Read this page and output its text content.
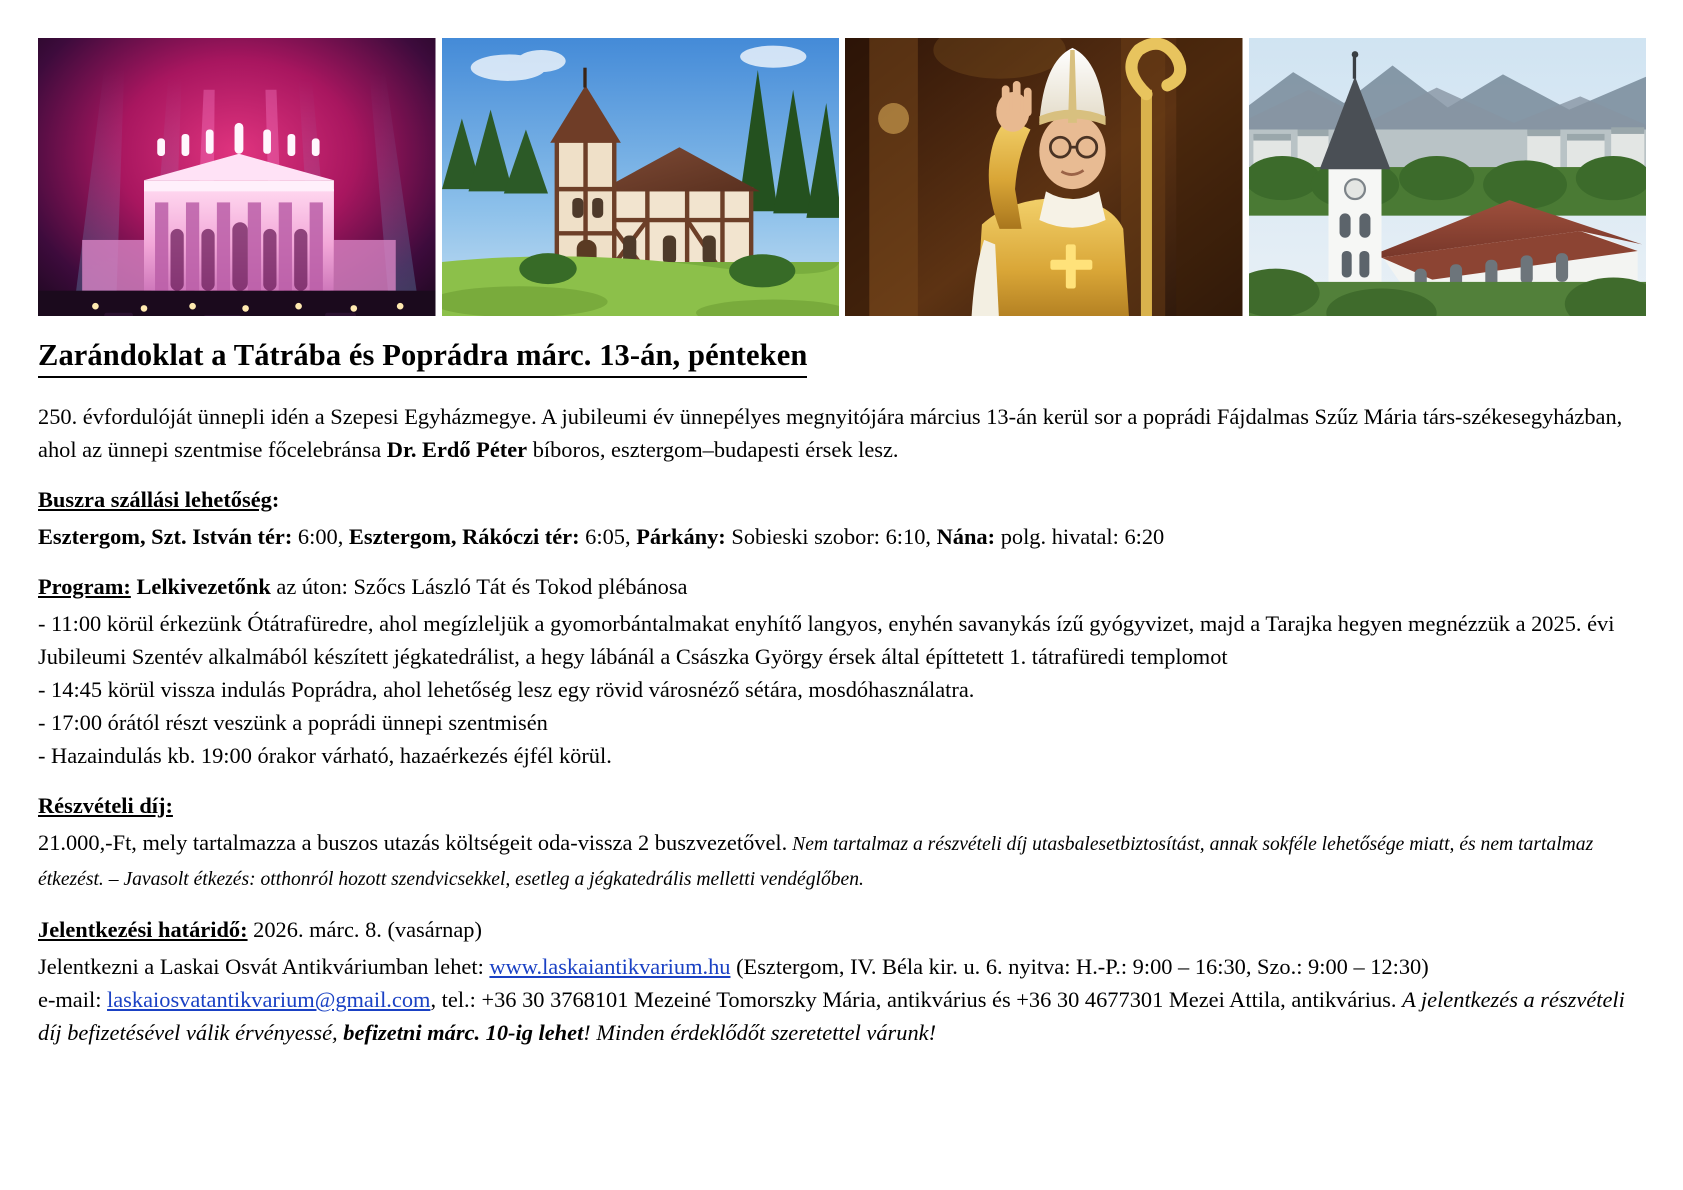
Zarándoklat a Tátrába és Poprádra márc. 13-án, pénteken

250. évfordulóját ünnepli idén a Szepesi Egyházmegye. A jubileumi év ünnepélyes megnyitójára március 13-án kerül sor a poprádi Fájdalmas Szűz Mária társ-székesegyházban, ahol az ünnepi szentmise főcelebránsa Dr. Erdő Péter bíboros, esztergom–budapesti érsek lesz.

Buszra szállási lehetőség:

Esztergom, Szt. István tér: 6:00, Esztergom, Rákóczi tér: 6:05, Párkány: Sobieski szobor: 6:10, Nána: polg. hivatal: 6:20

Program: Lelkivezetőnk az úton: Szőcs László Tát és Tokod plébánosa

- 11:00 körül érkezünk Ótátrafüredre, ahol megízleljük a gyomorbántalmakat enyhítő langyos, enyhén savanykás ízű gyógyvizet, majd a Tarajka hegyen megnézzük a 2025. évi Jubileumi Szentév alkalmából készített jégkatedrálist, a hegy lábánál a Császka György érsek által építtetett 1. tátrafüredi templomot

- 14:45 körül vissza indulás Poprádra, ahol lehetőség lesz egy rövid városnéző sétára, mosdóhasználatra.

- 17:00 órától részt veszünk a poprádi ünnepi szentmisén

- Hazaindulás kb. 19:00 órakor várható, hazaérkezés éjfél körül.

Részvételi díj:

21.000,-Ft, mely tartalmazza a buszos utazás költségeit oda-vissza 2 buszvezetővel. Nem tartalmaz a részvételi díj utasbalesetbiztosítást, annak sokféle lehetősége miatt, és nem tartalmaz étkezést. – Javasolt étkezés: otthonról hozott szendvicsekkel, esetleg a jégkatedrális melletti vendéglőben.

Jelentkezési határidő: 2026. márc. 8. (vasárnap)

Jelentkezni a Laskai Osvát Antikváriumban lehet: www.laskaiantikvarium.hu (Esztergom, IV. Béla kir. u. 6. nyitva: H.-P.: 9:00 – 16:30, Szo.: 9:00 – 12:30)

e-mail: laskaiosvatantikvarium@gmail.com, tel.: +36 30 3768101 Mezeiné Tomorszky Mária, antikvárius és +36 30 4677301 Mezei Attila, antikvárius. A jelentkezés a részvételi díj befizetésével válik érvényessé, befizetni márc. 10-ig lehet! Minden érdeklődőt szeretettel várunk!
